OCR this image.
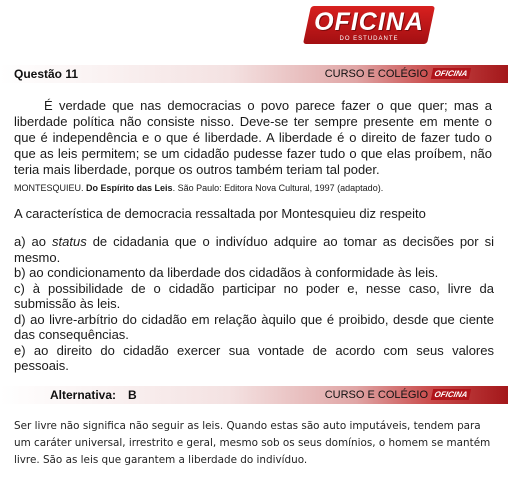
OFICINA
DO ESTUDANTE
Questão 11	CURSO E COLÉGIO OFICINA
É verdade que nas democracias o povo parece fazer o que quer; mas a liberdade política não consiste nisso. Deve-se ter sempre presente em mente o que é independência e o que é liberdade. A liberdade é o direito de fazer tudo o que as leis permitem; se um cidadão pudesse fazer tudo o que elas proíbem, não teria mais liberdade, porque os outros também teriam tal poder.
MONTESQUIEU. Do Espírito das Leis. São Paulo: Editora Nova Cultural, 1997 (adaptado).
A característica de democracia ressaltada por Montesquieu diz respeito
a) ao status de cidadania que o indivíduo adquire ao tomar as decisões por si mesmo.
b) ao condicionamento da liberdade dos cidadãos à conformidade às leis.
c) à possibilidade de o cidadão participar no poder e, nesse caso, livre da submissão às leis.
d) ao livre-arbítrio do cidadão em relação àquilo que é proibido, desde que ciente das consequências.
e) ao direito do cidadão exercer sua vontade de acordo com seus valores pessoais.
Alternativa: B	CURSO E COLÉGIO OFICINA
Ser livre não significa não seguir as leis. Quando estas são auto imputáveis, tendem para um caráter universal, irrestrito e geral, mesmo sob os seus domínios, o homem se mantém livre. São as leis que garantem a liberdade do indivíduo.
